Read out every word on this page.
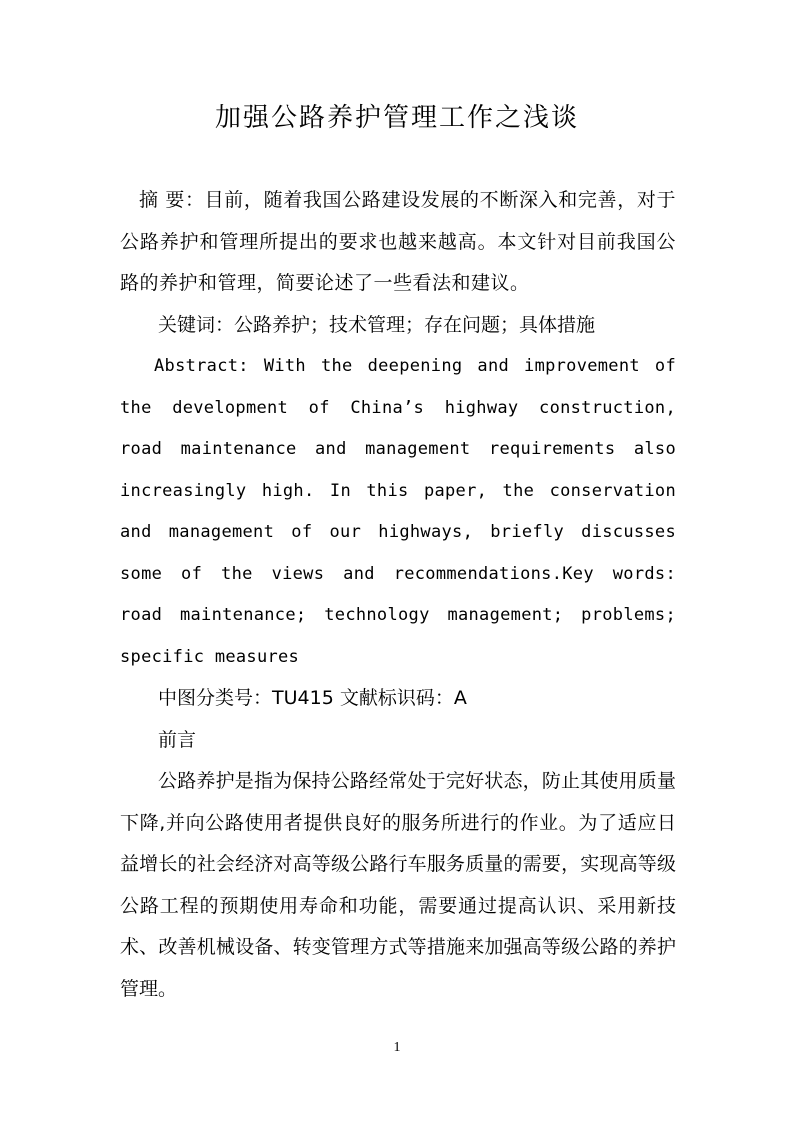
加强公路养护管理工作之浅谈

摘 要：目前，随着我国公路建设发展的不断深入和完善，对于公路养护和管理所提出的要求也越来越高。本文针对目前我国公路的养护和管理，简要论述了一些看法和建议。

关键词：公路养护；技术管理；存在问题；具体措施

Abstract: With the deepening and improvement of the development of China’s highway construction, road maintenance and management requirements also increasingly high. In this paper, the conservation and management of our highways, briefly discusses some of the views and recommendations.Key words: road maintenance; technology management; problems; specific measures

中图分类号：TU415 文献标识码：A

前言

公路养护是指为保持公路经常处于完好状态，防止其使用质量下降,并向公路使用者提供良好的服务所进行的作业。为了适应日益增长的社会经济对高等级公路行车服务质量的需要，实现高等级公路工程的预期使用寿命和功能，需要通过提高认识、采用新技术、改善机械设备、转变管理方式等措施来加强高等级公路的养护管理。

1
